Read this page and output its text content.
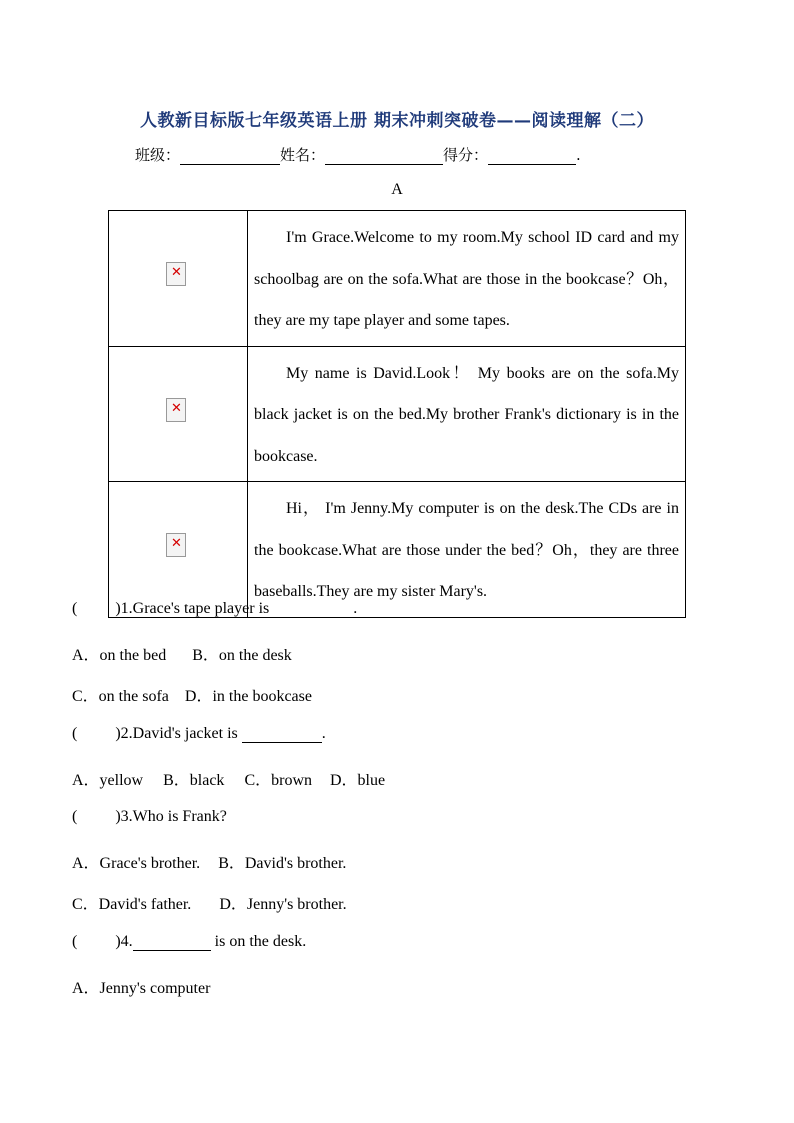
人教新目标版七年级英语上册 期末冲刺突破卷——阅读理解（二）
班级：	姓名：	得分：	.
A
✕	I'm Grace.Welcome to my room.My school ID card and my schoolbag are on the sofa.What are those in the bookcase？Oh，they are my tape player and some tapes.

✕	My name is David.Look！ My books are on the sofa.My black jacket is on the bed.My brother Frank's dictionary is in the bookcase.

✕	Hi， I'm Jenny.My computer is on the desk.The CDs are in the bookcase.What are those under the bed？Oh，they are three baseballs.They are my sister Mary's.
( )1.Grace's tape player is	.
A．on the bed B．on the desk
C．on the sofa D．in the bookcase
( )2.David's jacket is	.
A．yellow B．black C．brown D．blue
( )3.Who is Frank?
A．Grace's brother. B．David's brother.
C．David's father. D．Jenny's brother.
( )4.	is on the desk.
A．Jenny's computer
